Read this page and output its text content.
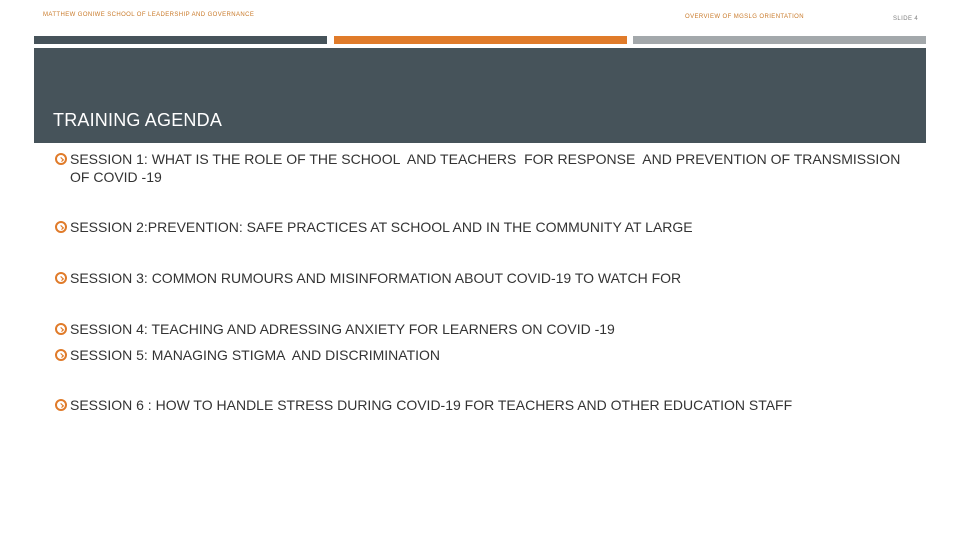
MATTHEW GONIWE SCHOOL OF LEADERSHIP AND GOVERNANCE	OVERVIEW OF MGSLG ORIENTATION	SLIDE 4
TRAINING AGENDA
SESSION 1: WHAT IS THE ROLE OF THE SCHOOL  AND TEACHERS  FOR RESPONSE  AND PREVENTION OF TRANSMISSION OF COVID -19
SESSION 2:PREVENTION: SAFE PRACTICES AT SCHOOL AND IN THE COMMUNITY AT LARGE
SESSION 3: COMMON RUMOURS AND MISINFORMATION ABOUT COVID-19 TO WATCH FOR
SESSION 4: TEACHING AND ADRESSING ANXIETY FOR LEARNERS ON COVID -19
SESSION 5: MANAGING STIGMA  AND DISCRIMINATION
SESSION 6 : HOW TO HANDLE STRESS DURING COVID-19 FOR TEACHERS AND OTHER EDUCATION STAFF
